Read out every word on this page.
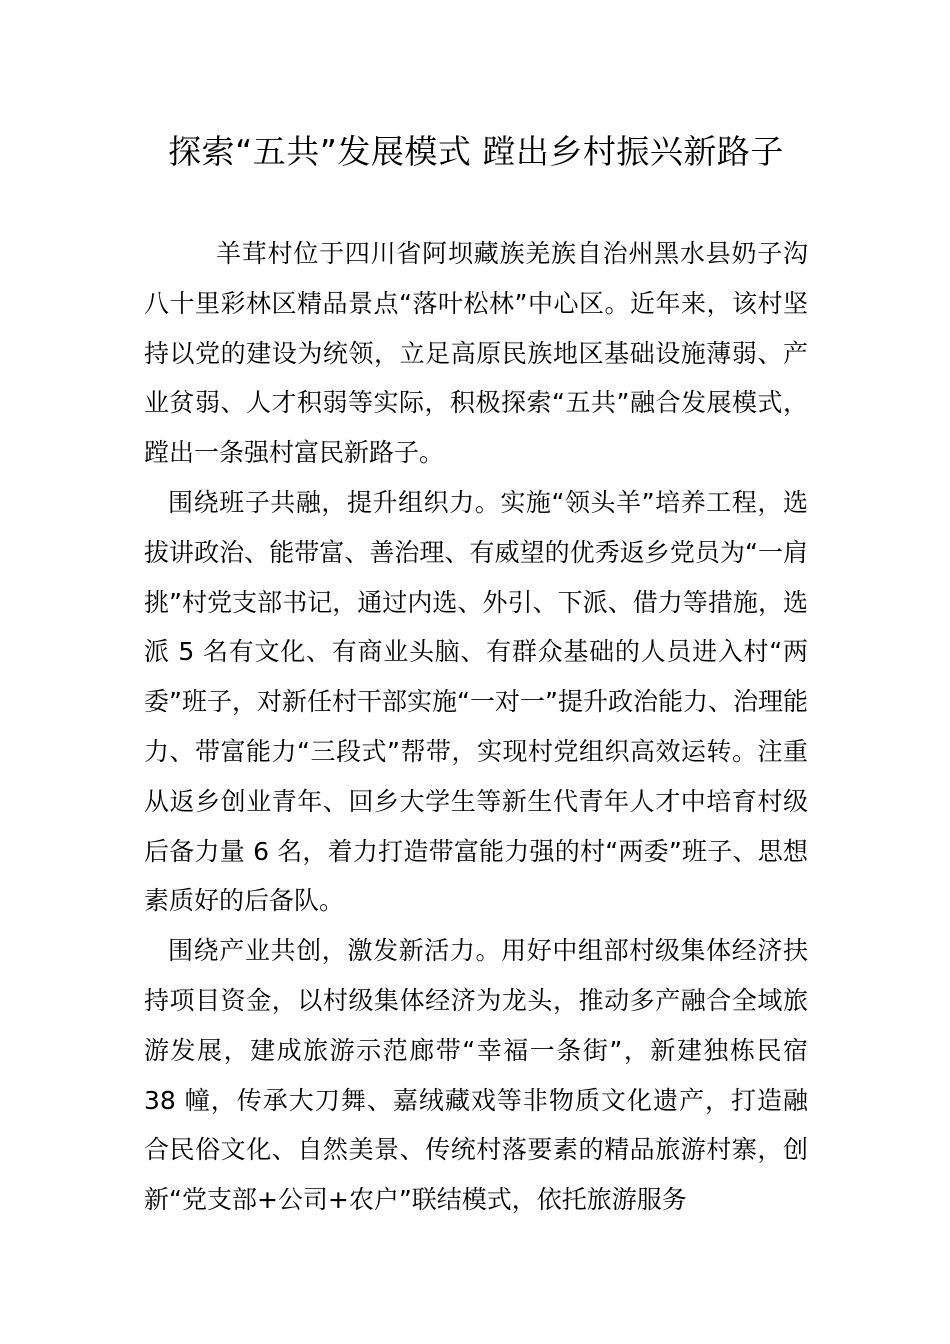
探索“五共”发展模式 蹚出乡村振兴新路子

羊茸村位于四川省阿坝藏族羌族自治州黑水县奶子沟八十里彩林区精品景点“落叶松林”中心区。近年来，该村坚持以党的建设为统领，立足高原民族地区基础设施薄弱、产业贫弱、人才积弱等实际，积极探索“五共”融合发展模式，蹚出一条强村富民新路子。

围绕班子共融，提升组织力。实施“领头羊”培养工程，选拔讲政治、能带富、善治理、有威望的优秀返乡党员为“一肩挑”村党支部书记，通过内选、外引、下派、借力等措施，选派 5 名有文化、有商业头脑、有群众基础的人员进入村“两委”班子，对新任村干部实施“一对一”提升政治能力、治理能力、带富能力“三段式”帮带，实现村党组织高效运转。注重从返乡创业青年、回乡大学生等新生代青年人才中培育村级后备力量 6 名，着力打造带富能力强的村“两委”班子、思想素质好的后备队。

围绕产业共创，激发新活力。用好中组部村级集体经济扶持项目资金，以村级集体经济为龙头，推动多产融合全域旅游发展，建成旅游示范廊带“幸福一条街”，新建独栋民宿 38 幢，传承大刀舞、嘉绒藏戏等非物质文化遗产，打造融合民俗文化、自然美景、传统村落要素的精品旅游村寨，创新“党支部+公司+农户”联结模式，依托旅游服务
